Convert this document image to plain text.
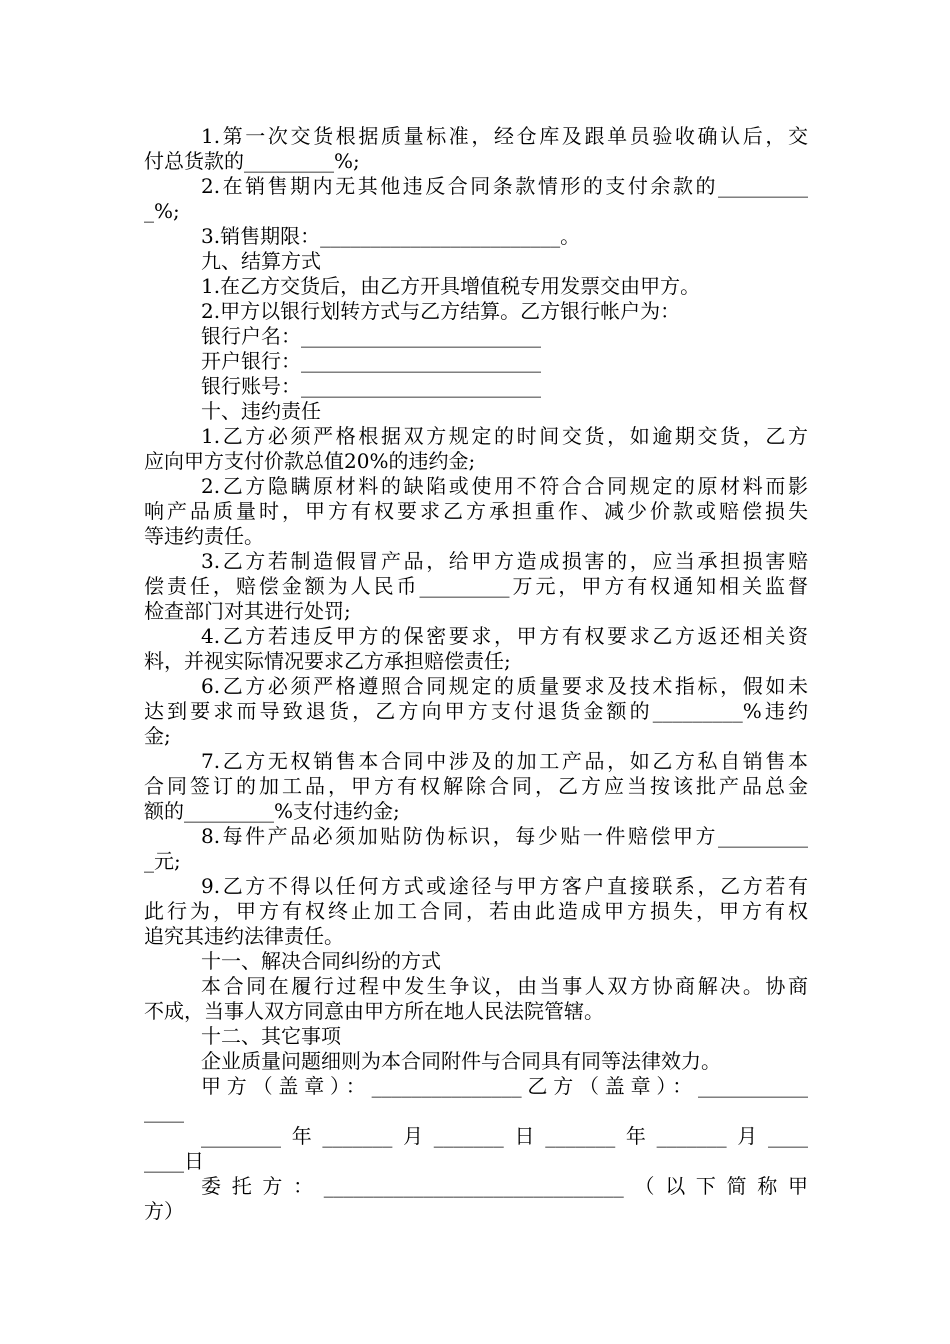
1.第一次交货根据质量标准，经仓库及跟单员验收确认后，交
付总货款的_________%;
2.在销售期内无其他违反合同条款情形的支付余款的_________
_%;
3.销售期限：________________________。
九、结算方式
1.在乙方交货后，由乙方开具增值税专用发票交由甲方。
2.甲方以银行划转方式与乙方结算。乙方银行帐户为：
银行户名：________________________
开户银行：________________________
银行账号：________________________
十、违约责任
1.乙方必须严格根据双方规定的时间交货，如逾期交货，乙方
应向甲方支付价款总值20%的违约金;
2.乙方隐瞒原材料的缺陷或使用不符合合同规定的原材料而影
响产品质量时，甲方有权要求乙方承担重作、减少价款或赔偿损失
等违约责任。
3.乙方若制造假冒产品，给甲方造成损害的，应当承担损害赔
偿责任，赔偿金额为人民币_________万元，甲方有权通知相关监督
检查部门对其进行处罚;
4.乙方若违反甲方的保密要求，甲方有权要求乙方返还相关资
料，并视实际情况要求乙方承担赔偿责任;
6.乙方必须严格遵照合同规定的质量要求及技术指标，假如未
达到要求而导致退货，乙方向甲方支付退货金额的_________%违约
金;
7.乙方无权销售本合同中涉及的加工产品，如乙方私自销售本
合同签订的加工品，甲方有权解除合同，乙方应当按该批产品总金
额的_________%支付违约金;
8.每件产品必须加贴防伪标识，每少贴一件赔偿甲方_________
_元;
9.乙方不得以任何方式或途径与甲方客户直接联系，乙方若有
此行为，甲方有权终止加工合同，若由此造成甲方损失，甲方有权
追究其违约法律责任。
十一、解决合同纠纷的方式
本合同在履行过程中发生争议，由当事人双方协商解决。协商
不成，当事人双方同意由甲方所在地人民法院管辖。
十二、其它事项
企业质量问题细则为本合同附件与合同具有同等法律效力。
甲方（盖章）：_______________乙方（盖章）：___________
____
________年_______月_______日_______年_______月____
____日
委托方：______________________________（以下简称甲
方）
